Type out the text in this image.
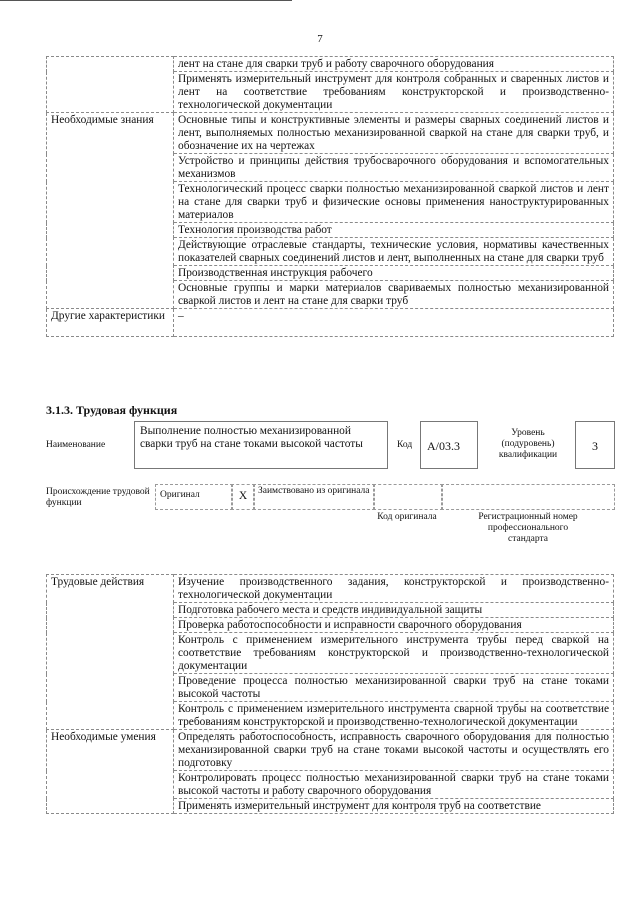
7
	лент на стане для сварки труб и работу сварочного оборудования
	Применять измерительный инструмент для контроля собранных и сваренных листов и лент на соответствие требованиям конструкторской и производственно-технологической документации
Необходимые знания	Основные типы и конструктивные элементы и размеры сварных соединений листов и лент, выполняемых полностью механизированной сваркой на стане для сварки труб, и обозначение их на чертежах
	Устройство и принципы действия трубосварочного оборудования и вспомогательных механизмов
	Технологический процесс сварки полностью механизированной сваркой листов и лент на стане для сварки труб и физические основы применения наноструктурированных материалов
	Технология производства работ
	Действующие отраслевые стандарты, технические условия, нормативы качественных показателей сварных соединений листов и лент, выполненных на стане для сварки труб
	Производственная инструкция рабочего
	Основные группы и марки материалов свариваемых полностью механизированной сваркой листов и лент на стане для сварки труб
Другие характеристики	–
3.1.3. Трудовая функция
Наименование
Выполнение полностью механизированной сварки труб на стане токами высокой частоты	Код	A/03.3
Уровень (подуровень) квалификации
3
Происхождение трудовой функции
Оригинал	X	Заимствовано из оригинала
Код оригинала	Регистрационный номер профессионального стандарта
Трудовые действия	Изучение производственного задания, конструкторской и производственно-технологической документации
	Подготовка рабочего места и средств индивидуальной защиты
	Проверка работоспособности и исправности сварочного оборудования
	Контроль с применением измерительного инструмента трубы перед сваркой на соответствие требованиям конструкторской и производственно-технологической документации
	Проведение процесса полностью механизированной сварки труб на стане токами высокой частоты
	Контроль с применением измерительного инструмента сварной трубы на соответствие требованиям конструкторской и производственно-технологической документации
Необходимые умения	Определять работоспособность, исправность сварочного оборудования для полностью механизированной сварки труб на стане токами высокой частоты и осуществлять его подготовку
	Контролировать процесс полностью механизированной сварки труб на стане токами высокой частоты и работу сварочного оборудования
	Применять измерительный инструмент для контроля труб на соответствие
